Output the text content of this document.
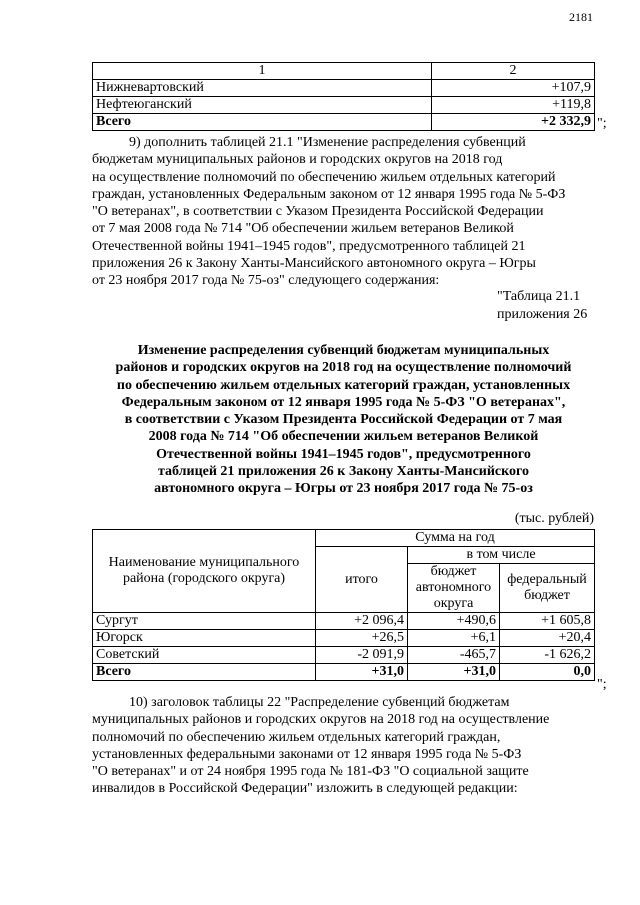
2181
1	2
Нижневартовский	+107,9
Нефтеюганский	+119,8
Всего	+2 332,9 ";

9) дополнить таблицей 21.1 "Изменение распределения субвенций

бюджетам муниципальных районов и городских округов на 2018 год

на осуществление полномочий по обеспечению жильем отдельных категорий

граждан, установленных Федеральным законом от 12 января 1995 года № 5-ФЗ

"О ветеранах", в соответствии с Указом Президента Российской Федерации

от 7 мая 2008 года № 714 "Об обеспечении жильем ветеранов Великой

Отечественной войны 1941–1945 годов", предусмотренного таблицей 21

приложения 26 к Закону Ханты-Мансийского автономного округа – Югры

от 23 ноября 2017 года № 75-оз" следующего содержания:

"Таблица 21.1
приложения 26
Изменение распределения субвенций бюджетам муниципальных
районов и городских округов на 2018 год на осуществление полномочий
по обеспечению жильем отдельных категорий граждан, установленных
Федеральным законом от 12 января 1995 года № 5-ФЗ "О ветеранах",
в соответствии с Указом Президента Российской Федерации от 7 мая
2008 года № 714 "Об обеспечении жильем ветеранов Великой
Отечественной войны 1941–1945 годов", предусмотренного
таблицей 21 приложения 26 к Закону Ханты-Мансийского
автономного округа – Югры от 23 ноября 2017 года № 75-оз
(тыс. рублей)
Наименование муниципального района (городского округа)	Сумма на год		
	итого	в том числе	
		бюджет автономного округа	федеральный бюджет
Сургут	+2 096,4	+490,6	+1 605,8
Югорск	+26,5	+6,1	+20,4
Советский	-2 091,9	-465,7	-1 626,2
Всего	+31,0	+31,0	0,0
";

10) заголовок таблицы 22 "Распределение субвенций бюджетам

муниципальных районов и городских округов на 2018 год на осуществление

полномочий по обеспечению жильем отдельных категорий граждан,

установленных федеральными законами от 12 января 1995 года № 5-ФЗ

"О ветеранах" и от 24 ноября 1995 года № 181-ФЗ "О социальной защите

инвалидов в Российской Федерации" изложить в следующей редакции:
